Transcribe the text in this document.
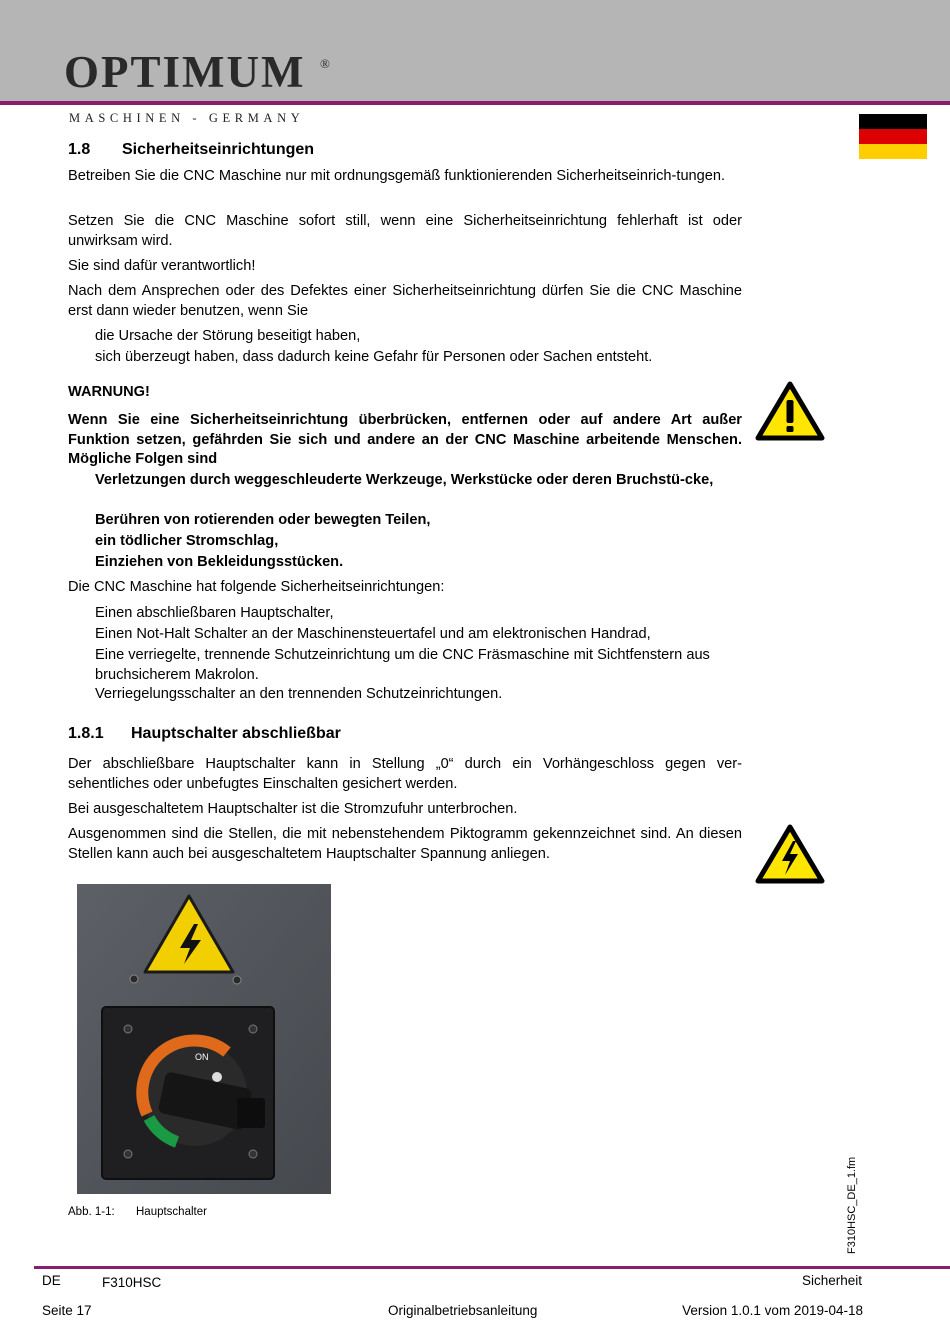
OPTIMUM ®
MASCHINEN - GERMANY
1.8 Sicherheitseinrichtungen
Betreiben Sie die CNC Maschine nur mit ordnungsgemäß funktionierenden Sicherheitseinrich-tungen.
Setzen Sie die CNC Maschine sofort still, wenn eine Sicherheitseinrichtung fehlerhaft ist oder unwirksam wird.
Sie sind dafür verantwortlich!
Nach dem Ansprechen oder des Defektes einer Sicherheitseinrichtung dürfen Sie die CNC Maschine erst dann wieder benutzen, wenn Sie
die Ursache der Störung beseitigt haben,
sich überzeugt haben, dass dadurch keine Gefahr für Personen oder Sachen entsteht.
WARNUNG!
Wenn Sie eine Sicherheitseinrichtung überbrücken, entfernen oder auf andere Art außer Funktion setzen, gefährden Sie sich und andere an der CNC Maschine arbeitende Menschen. Mögliche Folgen sind
Verletzungen durch weggeschleuderte Werkzeuge, Werkstücke oder deren Bruchstü-cke,
Berühren von rotierenden oder bewegten Teilen,
ein tödlicher Stromschlag,
Einziehen von Bekleidungsstücken.
Die CNC Maschine hat folgende Sicherheitseinrichtungen:
Einen abschließbaren Hauptschalter,
Einen Not-Halt Schalter an der Maschinensteuertafel und am elektronischen Handrad,
Eine verriegelte, trennende Schutzeinrichtung um die CNC Fräsmaschine mit Sichtfenstern aus bruchsicherem Makrolon.
Verriegelungsschalter an den trennenden Schutzeinrichtungen.
1.8.1 Hauptschalter abschließbar
Der abschließbare Hauptschalter kann in Stellung „0“ durch ein Vorhängeschloss gegen ver-sehentliches oder unbefugtes Einschalten gesichert werden.
Bei ausgeschaltetem Hauptschalter ist die Stromzufuhr unterbrochen.
Ausgenommen sind die Stellen, die mit nebenstehendem Piktogramm gekennzeichnet sind. An diesen Stellen kann auch bei ausgeschaltetem Hauptschalter Spannung anliegen.
ON
Abb. 1-1: Hauptschalter	F310HSC_DE_1.fm
DE	F310HSC	Sicherheit
Seite 17	Originalbetriebsanleitung	Version 1.0.1 vom 2019-04-18
